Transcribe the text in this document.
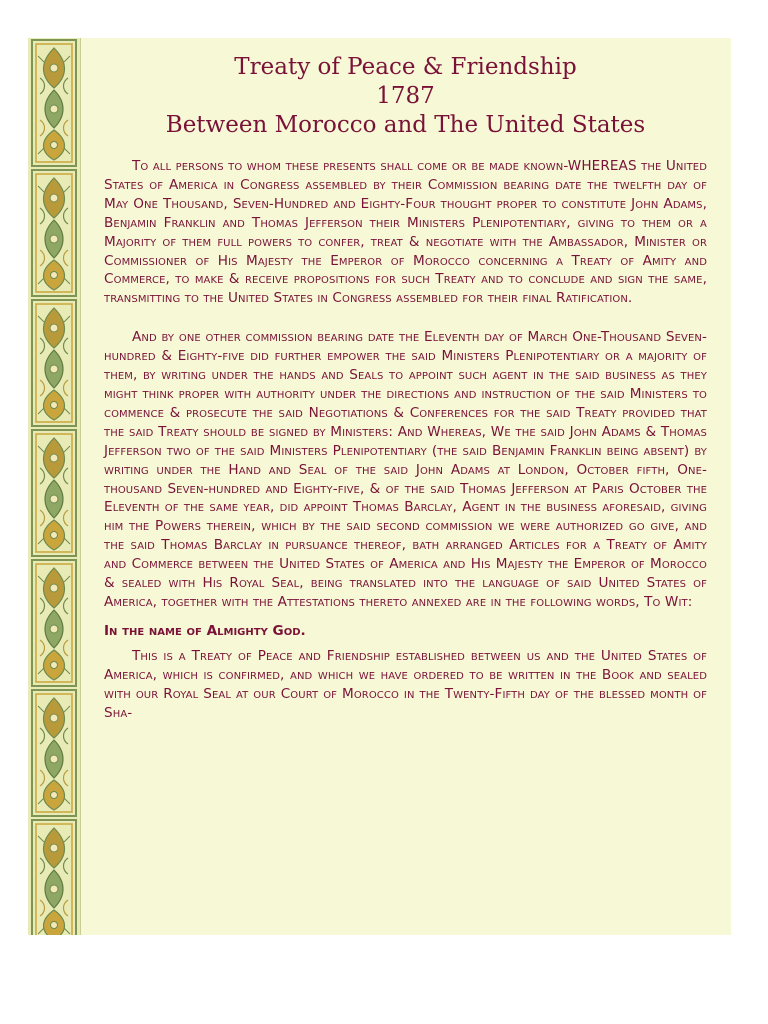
Treaty of Peace & Friendship
1787
Between Morocco and The United States

To all persons to whom these presents shall come or be made known-WHEREAS the United States of America in Congress assembled by their Commission bearing date the twelfth day of May One Thousand, Seven-Hundred and Eighty-Four thought proper to constitute John Adams, Benjamin Franklin and Thomas Jefferson their Ministers Plenipotentiary, giving to them or a Majority of them full powers to confer, treat & negotiate with the Ambassador, Minister or Commissioner of His Majesty the Emperor of Morocco concerning a Treaty of Amity and Commerce, to make & receive propositions for such Treaty and to conclude and sign the same, transmitting to the United States in Congress assembled for their final Ratification.

And by one other commission bearing date the Eleventh day of March One-Thousand Seven-hundred & Eighty-five did further empower the said Ministers Plenipotentiary or a majority of them, by writing under the hands and Seals to appoint such agent in the said business as they might think proper with authority under the directions and instruction of the said Ministers to commence & prosecute the said Negotiations & Conferences for the said Treaty provided that the said Treaty should be signed by Ministers: And Whereas, We the said John Adams & Thomas Jefferson two of the said Ministers Plenipotentiary (the said Benjamin Franklin being absent) by writing under the Hand and Seal of the said John Adams at London, October fifth, One-thousand Seven-hundred and Eighty-five, & of the said Thomas Jefferson at Paris October the Eleventh of the same year, did appoint Thomas Barclay, Agent in the business aforesaid, giving him the Powers therein, which by the said second commission we were authorized go give, and the said Thomas Barclay in pursuance thereof, bath arranged Articles for a Treaty of Amity and Commerce between the United States of America and His Majesty the Emperor of Morocco & sealed with His Royal Seal, being translated into the language of said United States of America, together with the Attestations thereto annexed are in the following words, To Wit:

In the name of Almighty God.

This is a Treaty of Peace and Friendship established between us and the United States of America, which is confirmed, and which we have ordered to be written in the Book and sealed with our Royal Seal at our Court of Morocco in the Twenty-Fifth day of the blessed month of Sha-
